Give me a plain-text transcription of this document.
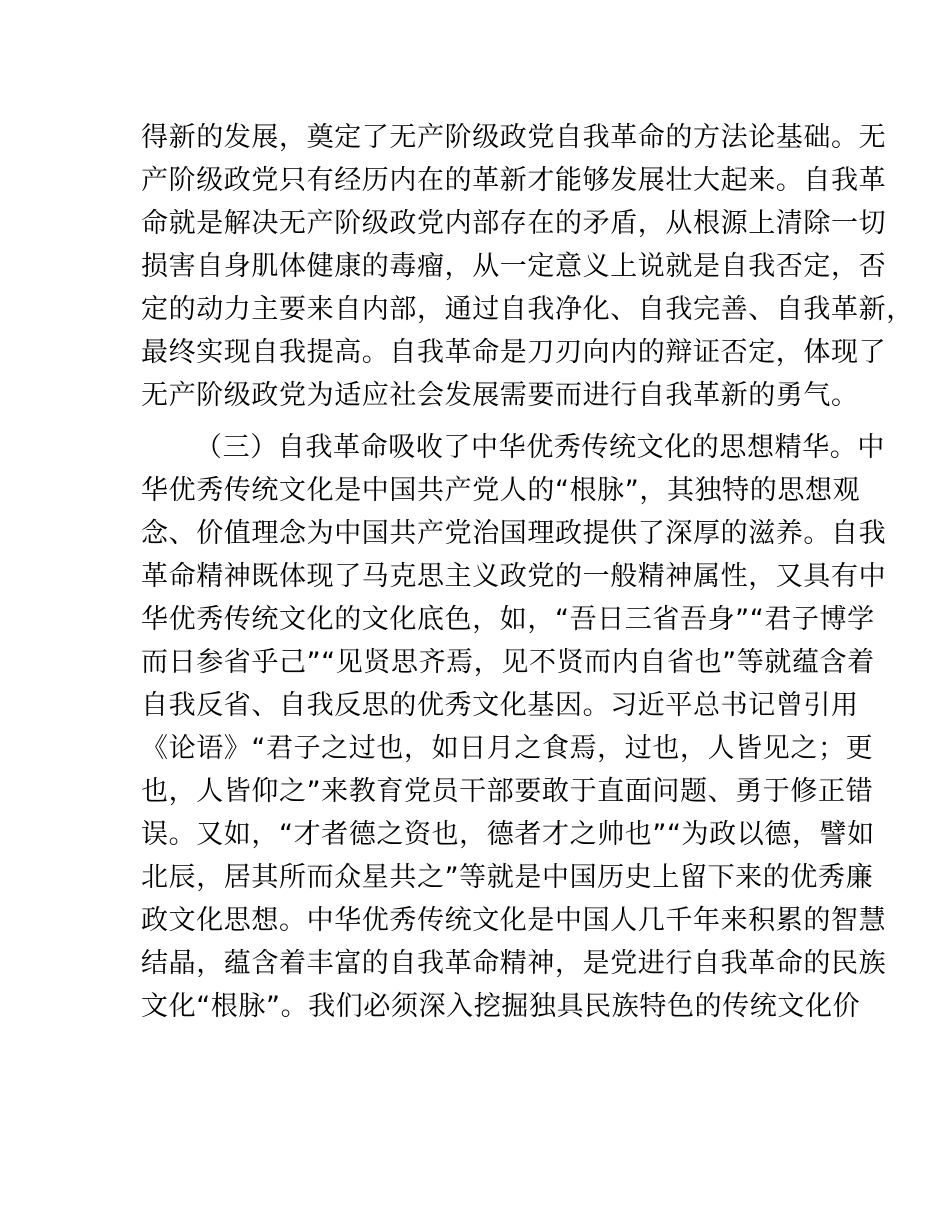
得新的发展，奠定了无产阶级政党自我革命的方法论基础。无
产阶级政党只有经历内在的革新才能够发展壮大起来。自我革
命就是解决无产阶级政党内部存在的矛盾，从根源上清除一切
损害自身肌体健康的毒瘤，从一定意义上说就是自我否定，否
定的动力主要来自内部，通过自我净化、自我完善、自我革新，
最终实现自我提高。自我革命是刀刃向内的辩证否定，体现了
无产阶级政党为适应社会发展需要而进行自我革新的勇气。
（三）自我革命吸收了中华优秀传统文化的思想精华。中
华优秀传统文化是中国共产党人的“根脉”，其独特的思想观
念、价值理念为中国共产党治国理政提供了深厚的滋养。自我
革命精神既体现了马克思主义政党的一般精神属性，又具有中
华优秀传统文化的文化底色，如，“吾日三省吾身”“君子博学
而日参省乎己”“见贤思齐焉，见不贤而内自省也”等就蕴含着
自我反省、自我反思的优秀文化基因。习近平总书记曾引用
《论语》“君子之过也，如日月之食焉，过也，人皆见之；更
也，人皆仰之”来教育党员干部要敢于直面问题、勇于修正错
误。又如，“才者德之资也，德者才之帅也”“为政以德，譬如
北辰，居其所而众星共之”等就是中国历史上留下来的优秀廉
政文化思想。中华优秀传统文化是中国人几千年来积累的智慧
结晶，蕴含着丰富的自我革命精神，是党进行自我革命的民族
文化“根脉”。我们必须深入挖掘独具民族特色的传统文化价
